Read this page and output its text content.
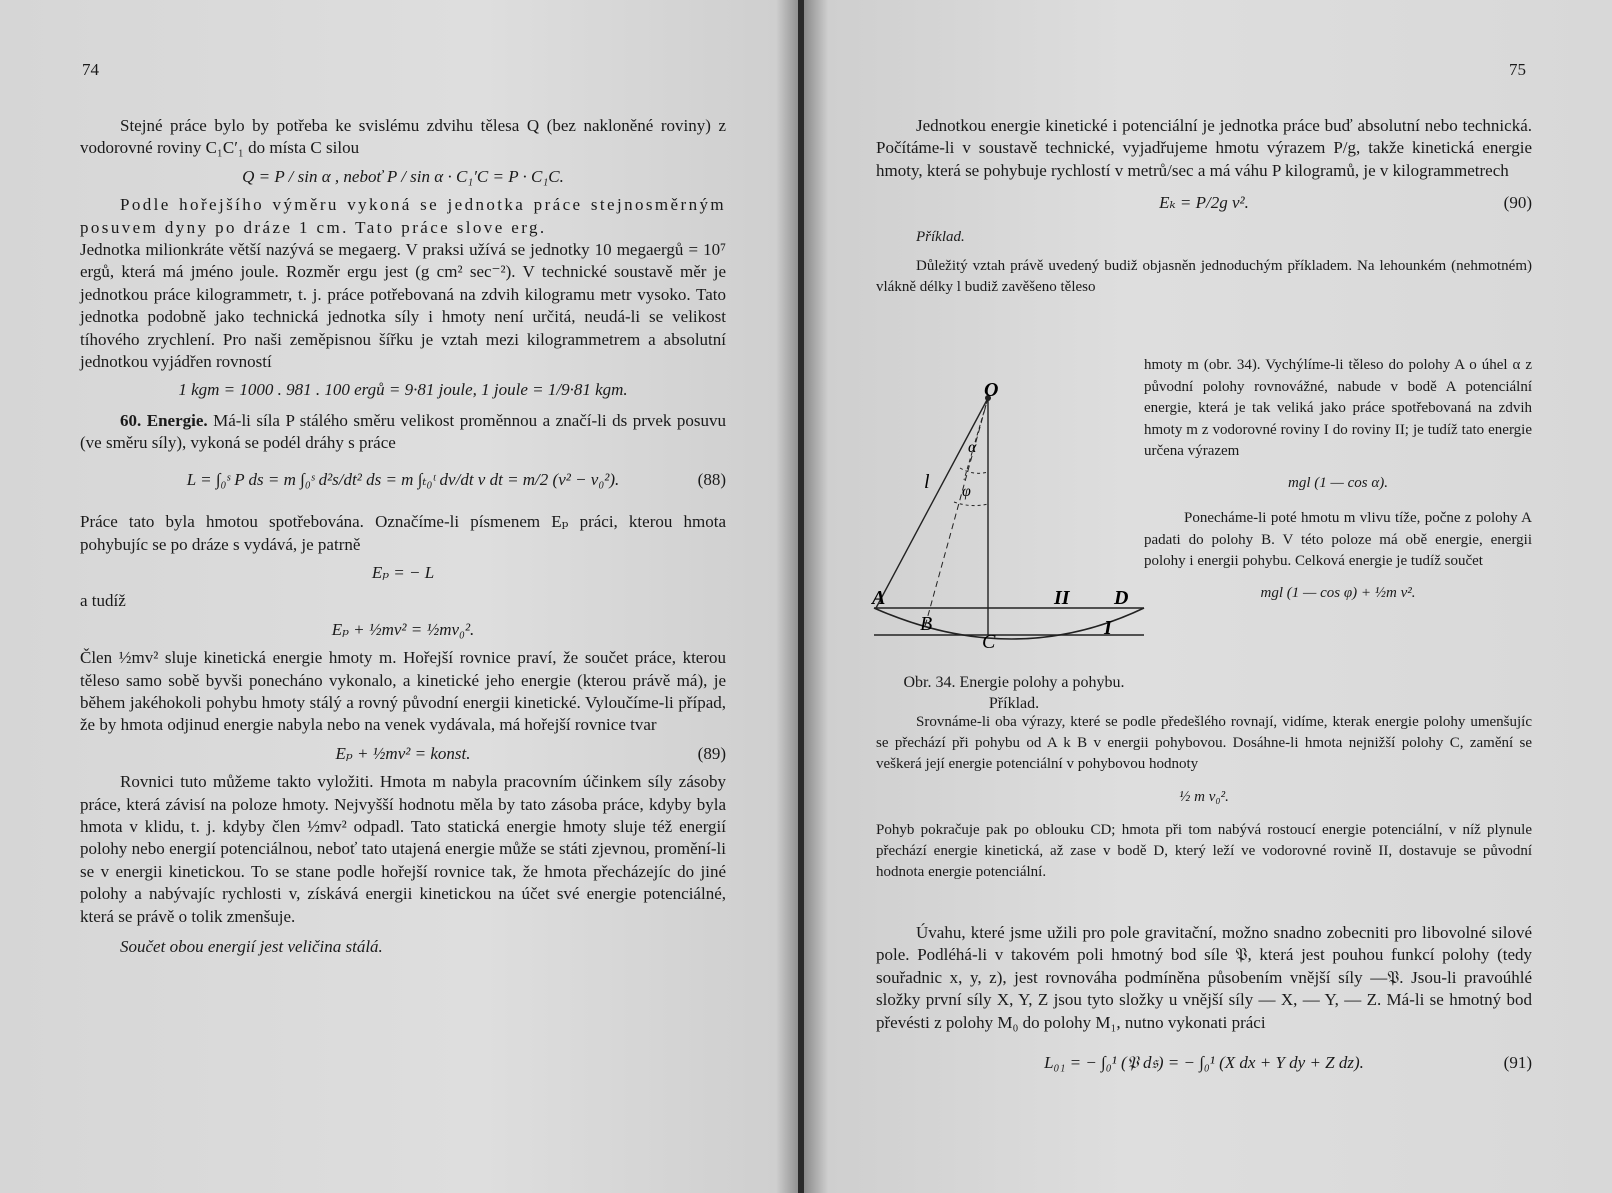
74

Stejné práce bylo by potřeba ke svislému zdvihu tělesa Q (bez nakloněné roviny) z vodorovné roviny C₁C′₁ do místa C silou

Q = P / sin α , neboť P / sin α · C₁′C = P · C₁C.

Podle hořejšího výměru vykoná se jednotka práce stejnosměrným posuvem dyny po dráze 1 cm. Tato práce slove erg.

Jednotka milionkráte větší nazývá se megaerg. V praksi užívá se jednotky 10 megaergů = 10⁷ ergů, která má jméno joule. Rozměr ergu jest (g cm² sec⁻²). V technické soustavě měr je jednotkou práce kilogrammetr, t. j. práce potřebovaná na zdvih kilogramu metr vysoko. Tato jednotka podobně jako technická jednotka síly i hmoty není určitá, neudá-li se velikost tíhového zrychlení. Pro naši zeměpisnou šířku je vztah mezi kilogrammetrem a absolutní jednotkou vyjádřen rovností

1 kgm = 1000 . 981 . 100 ergů = 9·81 joule, 1 joule = 1/9·81 kgm.

60. Energie. Má-li síla P stálého směru velikost proměnnou a značí-li ds prvek posuvu (ve směru síly), vykoná se podél dráhy s práce

L = ∫₀ˢ P ds = m ∫₀ˢ d²s/dt² ds = m ∫ₜ₀ᵗ dv/dt v dt = m/2 (v² − v₀²).	(88)

Práce tato byla hmotou spotřebována. Označíme-li písmenem Eₚ práci, kterou hmota pohybujíc se po dráze s vydává, je patrně

Eₚ = − L

a tudíž

Eₚ + ½mv² = ½mv₀².

Člen ½mv² sluje kinetická energie hmoty m. Hořejší rovnice praví, že součet práce, kterou těleso samo sobě byvši ponecháno vykonalo, a kinetické jeho energie (kterou právě má), je během jakéhokoli pohybu hmoty stálý a rovný původní energii kinetické. Vyloučíme-li případ, že by hmota odjinud energie nabyla nebo na venek vydávala, má hořejší rovnice tvar

Eₚ + ½mv² = konst.	(89)

Rovnici tuto můžeme takto vyložiti. Hmota m nabyla pracovním účinkem síly zásoby práce, která závisí na poloze hmoty. Nejvyšší hodnotu měla by tato zásoba práce, kdyby byla hmota v klidu, t. j. kdyby člen ½mv² odpadl. Tato statická energie hmoty sluje též energií polohy nebo energií potenciálnou, neboť tato utajená energie může se státi zjevnou, promění-li se v energii kinetickou. To se stane podle hořejší rovnice tak, že hmota přecházejíc do jiné polohy a nabývajíc rychlosti v, získává energii kinetickou na účet své energie potenciálné, která se právě o tolik zmenšuje.

Součet obou energií jest veličina stálá.

75

Jednotkou energie kinetické i potenciální je jednotka práce buď absolutní nebo technická. Počítáme-li v soustavě technické, vyjadřujeme hmotu výrazem P/g, takže kinetická energie hmoty, která se pohybuje rychlostí v metrů/sec a má váhu P kilogramů, je v kilogrammetrech

Eₖ = P/2g v².	(90)

Příklad.

Důležitý vztah právě uvedený budiž objasněn jednoduchým příkladem. Na lehounkém (nehmotném) vlákně délky l budiž zavěšeno těleso

O
A
B
C
D
II
I
l
α
φ
Obr. 34. Energie polohy a pohybu. Příklad.

hmoty m (obr. 34). Vychýlíme-li těleso do polohy A o úhel α z původní polohy rovnovážné, nabude v bodě A potenciální energie, která je tak veliká jako práce spotřebovaná na zdvih hmoty m z vodorovné roviny I do roviny II; je tudíž tato energie určena výrazem

mgl (1 — cos α).

Ponecháme-li poté hmotu m vlivu tíže, počne z polohy A padati do polohy B. V této poloze má obě energie, energii polohy i energii pohybu. Celková energie je tudíž součet

mgl (1 — cos φ) + ½m v².

Srovnáme-li oba výrazy, které se podle předešlého rovnají, vidíme, kterak energie polohy umenšujíc se přechází při pohybu od A k B v energii pohybovou. Dosáhne-li hmota nejnižší polohy C, zamění se veškerá její energie potenciální v pohybovou hodnoty

½ m v₀².

Pohyb pokračuje pak po oblouku CD; hmota při tom nabývá rostoucí energie potenciální, v níž plynule přechází energie kinetická, až zase v bodě D, který leží ve vodorovné rovině II, dostavuje se původní hodnota energie potenciální.

Úvahu, které jsme užili pro pole gravitační, možno snadno zobecniti pro libovolné silové pole. Podléhá-li v takovém poli hmotný bod síle 𝔓, která jest pouhou funkcí polohy (tedy souřadnic x, y, z), jest rovnováha podmíněna působením vnější síly —𝔓. Jsou-li pravoúhlé složky první síly X, Y, Z jsou tyto složky u vnější síly — X, — Y, — Z. Má-li se hmotný bod převésti z polohy M₀ do polohy M₁, nutno vykonati práci

L₀₁ = − ∫₀¹ (𝔓 d𝔰) = − ∫₀¹ (X dx + Y dy + Z dz).	(91)
